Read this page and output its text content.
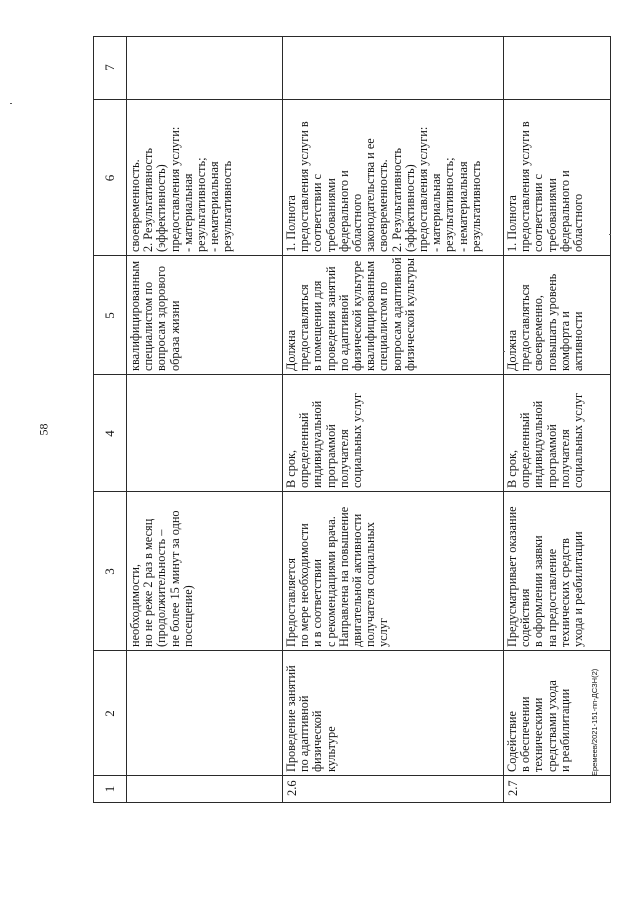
58
1
2
3
4
5
6
7
необходимости,
но не реже 2 раз в месяц
(продолжительность –
не более 15 минут за одно
посещение)
квалифицированным
специалистом по
вопросам здорового
образа жизни
своевременность.
2. Результативность
(эффективность)
предоставления услуги:
- материальная
результативность;
- нематериальная
результативность
2.6
Проведение занятий
по адаптивной
физической
культуре
Предоставляется
по мере необходимости
и в соответствии
с рекомендациями врача.
Направлена на повышение
двигательной активности
получателя социальных
услуг
В срок,
определенный
индивидуальной
программой
получателя
социальных услуг
Должна
предоставляться
в помещении для
проведения занятий
по адаптивной
физической культуре
квалифицированным
специалистом по
вопросам адаптивной
физической культуры
1. Полнота
предоставления услуги в
соответствии с
требованиями
федерального и
областного
законодательства и ее
своевременность.
2. Результативность
(эффективность)
предоставления услуги:
- материальная
результативность;
- нематериальная
результативность
2.7
Содействие
в обеспечении
техническими
средствами ухода
и реабилитации
Предусматривает оказание
содействия
в оформлении заявки
на предоставление
технических средств
ухода и реабилитации
В срок,
определенный
индивидуальной
программой
получателя
социальных услуг
Должна
предоставляться
своевременно,
повышать уровень
комфорта и
активности
1. Полнота
предоставления услуги в
соответствии с
требованиями
федерального и
областного
Еремеев/2021-151-пп-ДСЗН(2)
